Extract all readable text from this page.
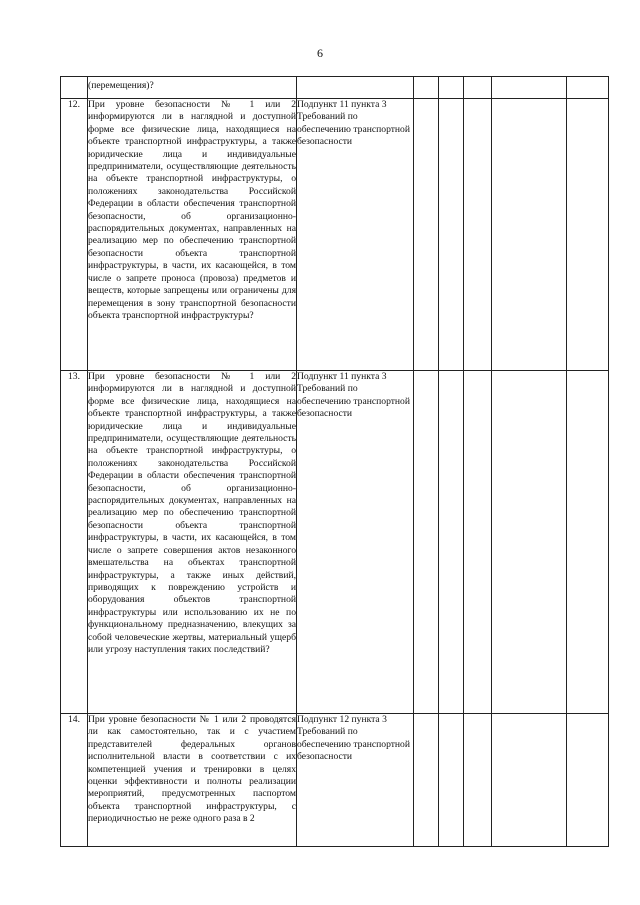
6
	(перемещения)?						
12.	При уровне безопасности № 1 или 2 информируются ли в наглядной и доступной форме все физические лица, находящиеся на объекте транспортной инфраструктуры, а также юридические лица и индивидуальные предприниматели, осуществляющие деятельность на объекте транспортной инфраструктуры, о положениях законодательства Российской Федерации в области обеспечения транспортной безопасности, об организационно-распорядительных документах, направленных на реализацию мер по обеспечению транспортной безопасности объекта транспортной инфраструктуры, в части, их касающейся, в том числе о запрете проноса (провоза) предметов и веществ, которые запрещены или ограничены для перемещения в зону транспортной безопасности объекта транспортной инфраструктуры?	Подпункт 11 пункта 3 Требований по обеспечению транспортной безопасности					

13.	При уровне безопасности № 1 или 2 информируются ли в наглядной и доступной форме все физические лица, находящиеся на объекте транспортной инфраструктуры, а также юридические лица и индивидуальные предприниматели, осуществляющие деятельность на объекте транспортной инфраструктуры, о положениях законодательства Российской Федерации в области обеспечения транспортной безопасности, об организационно-распорядительных документах, направленных на реализацию мер по обеспечению транспортной безопасности объекта транспортной инфраструктуры, в части, их касающейся, в том числе о запрете совершения актов незаконного вмешательства на объектах транспортной инфраструктуры, а также иных действий, приводящих к повреждению устройств и оборудования объектов транспортной инфраструктуры или использованию их не по функциональному предназначению, влекущих за собой человеческие жертвы, материальный ущерб или угрозу наступления таких последствий?	Подпункт 11 пункта 3 Требований по обеспечению транспортной безопасности					

14.	При уровне безопасности № 1 или 2 проводятся ли как самостоятельно, так и с участием представителей федеральных органов исполнительной власти в соответствии с их компетенцией учения и тренировки в целях оценки эффективности и полноты реализации мероприятий, предусмотренных паспортом объекта транспортной инфраструктуры, с периодичностью не реже одного раза в 2	Подпункт 12 пункта 3 Требований по обеспечению транспортной безопасности					
